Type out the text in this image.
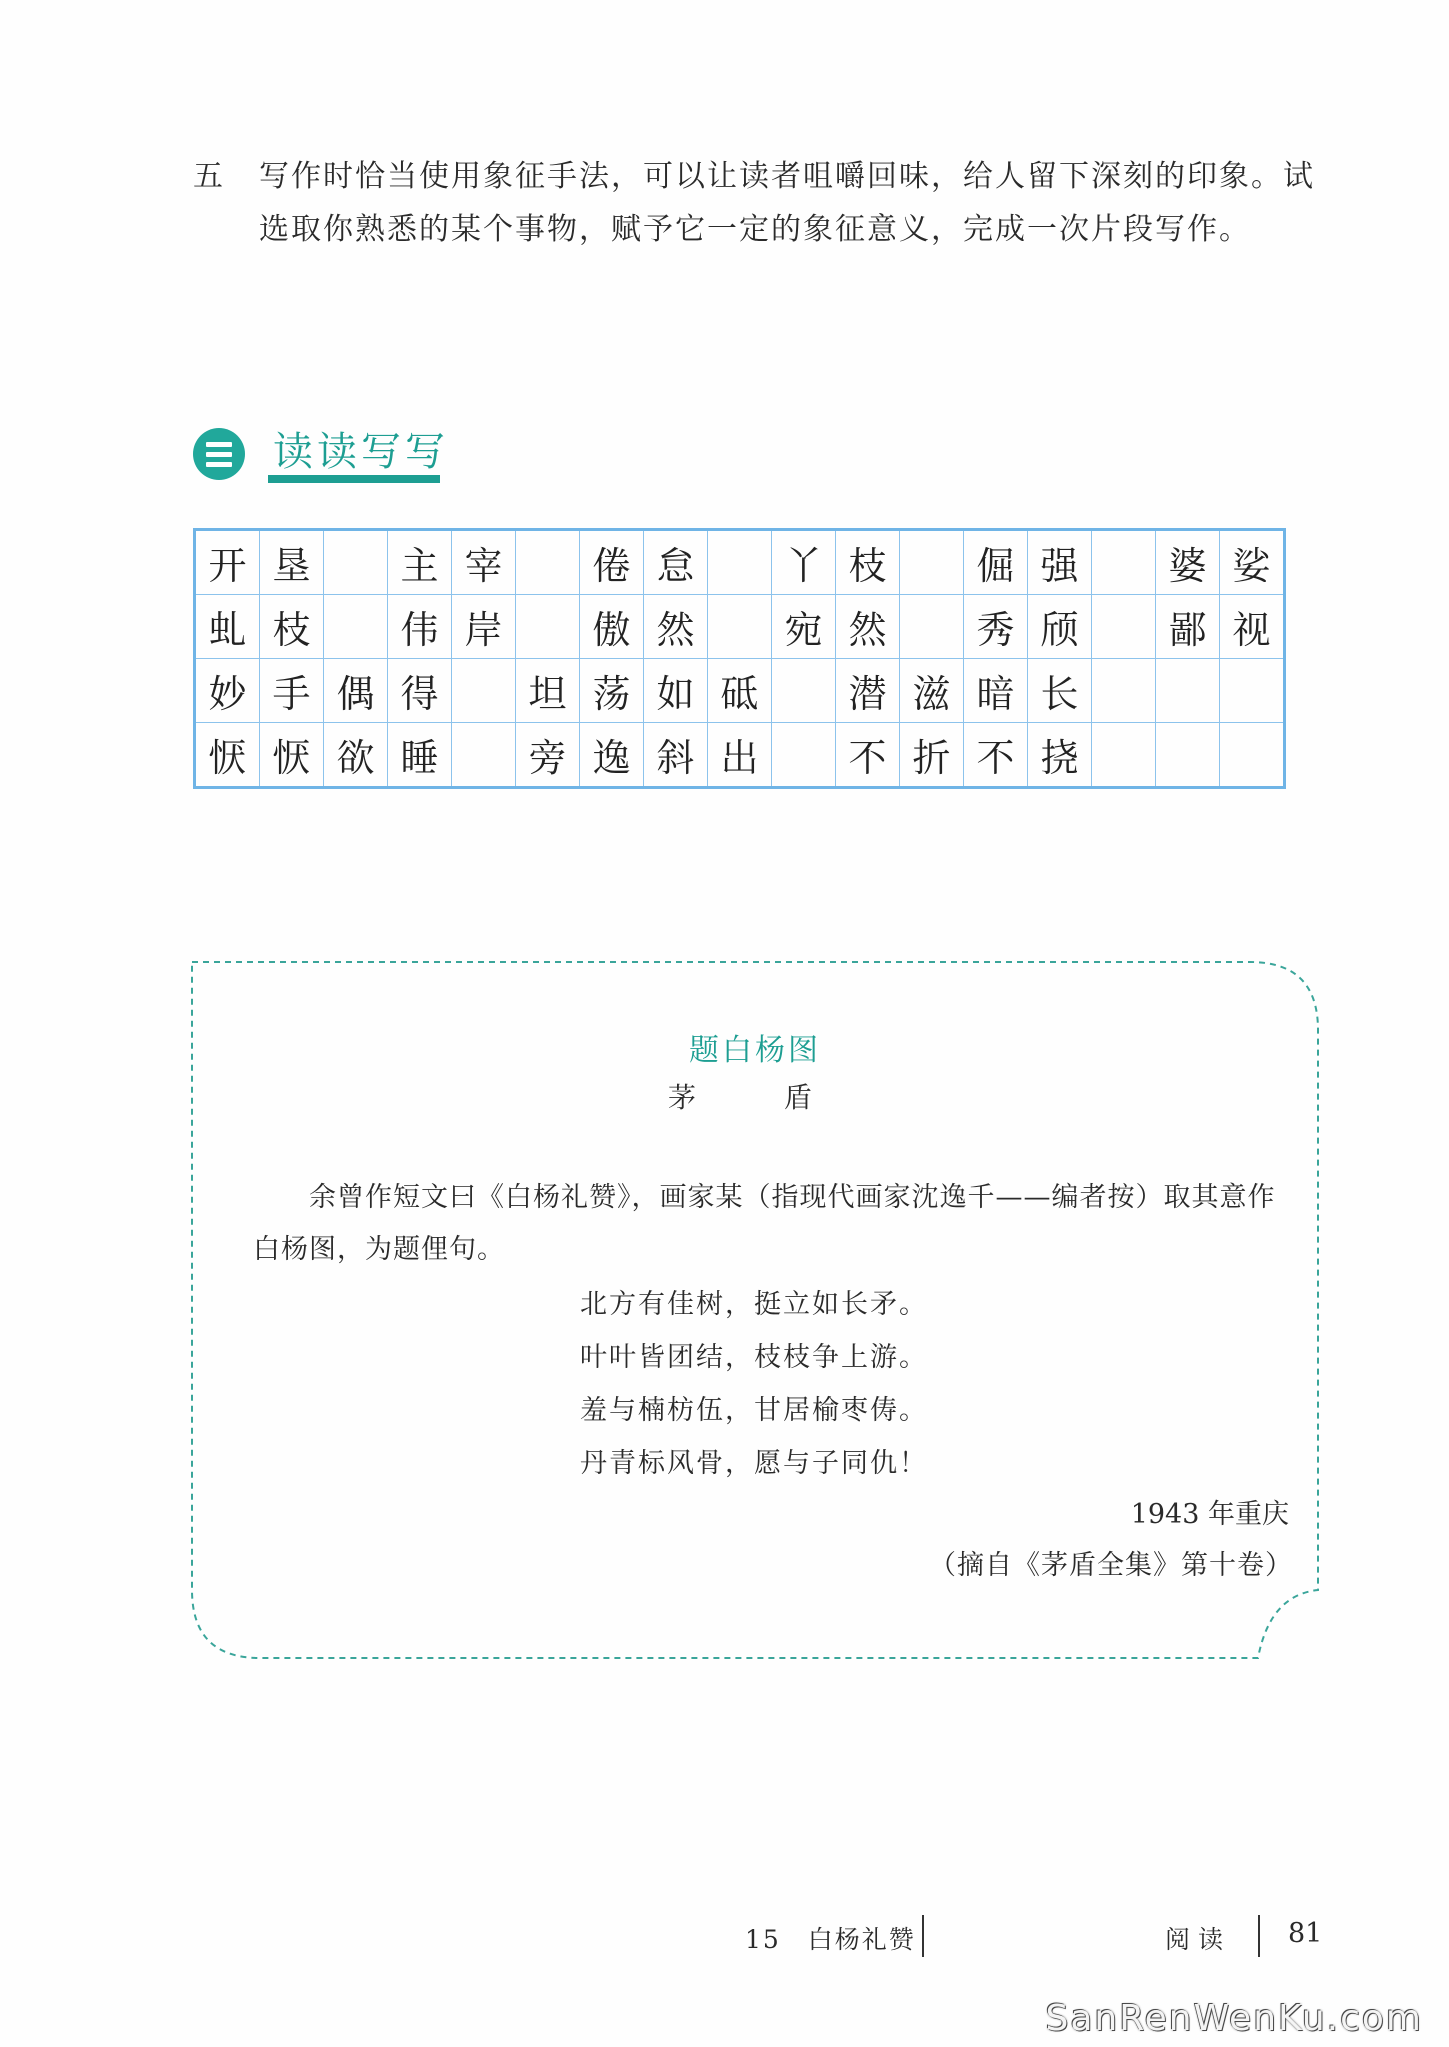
五 写作时恰当使用象征手法，可以让读者咀嚼回味，给人留下深刻的印象。试选取你熟悉的某个事物，赋予它一定的象征意义，完成一次片段写作。
读读写写
开	垦		主	宰		倦	怠		丫	枝		倔	强		婆	娑
虬	枝		伟	岸		傲	然		宛	然		秀	颀		鄙	视
妙	手	偶	得		坦	荡	如	砥		潜	滋	暗	长			
恹	恹	欲	睡		旁	逸	斜	出		不	折	不	挠			
题白杨图
茅　盾
余曾作短文曰《白杨礼赞》，画家某（指现代画家沈逸千——编者按）取其意作白杨图，为题俚句。
北方有佳树，挺立如长矛。
叶叶皆团结，枝枝争上游。
羞与楠枋伍，甘居榆枣俦。
丹青标风骨，愿与子同仇！
1943 年重庆
（摘自《茅盾全集》第十卷）
15　白杨礼赞	阅读 81
SanRenWenKu.com
